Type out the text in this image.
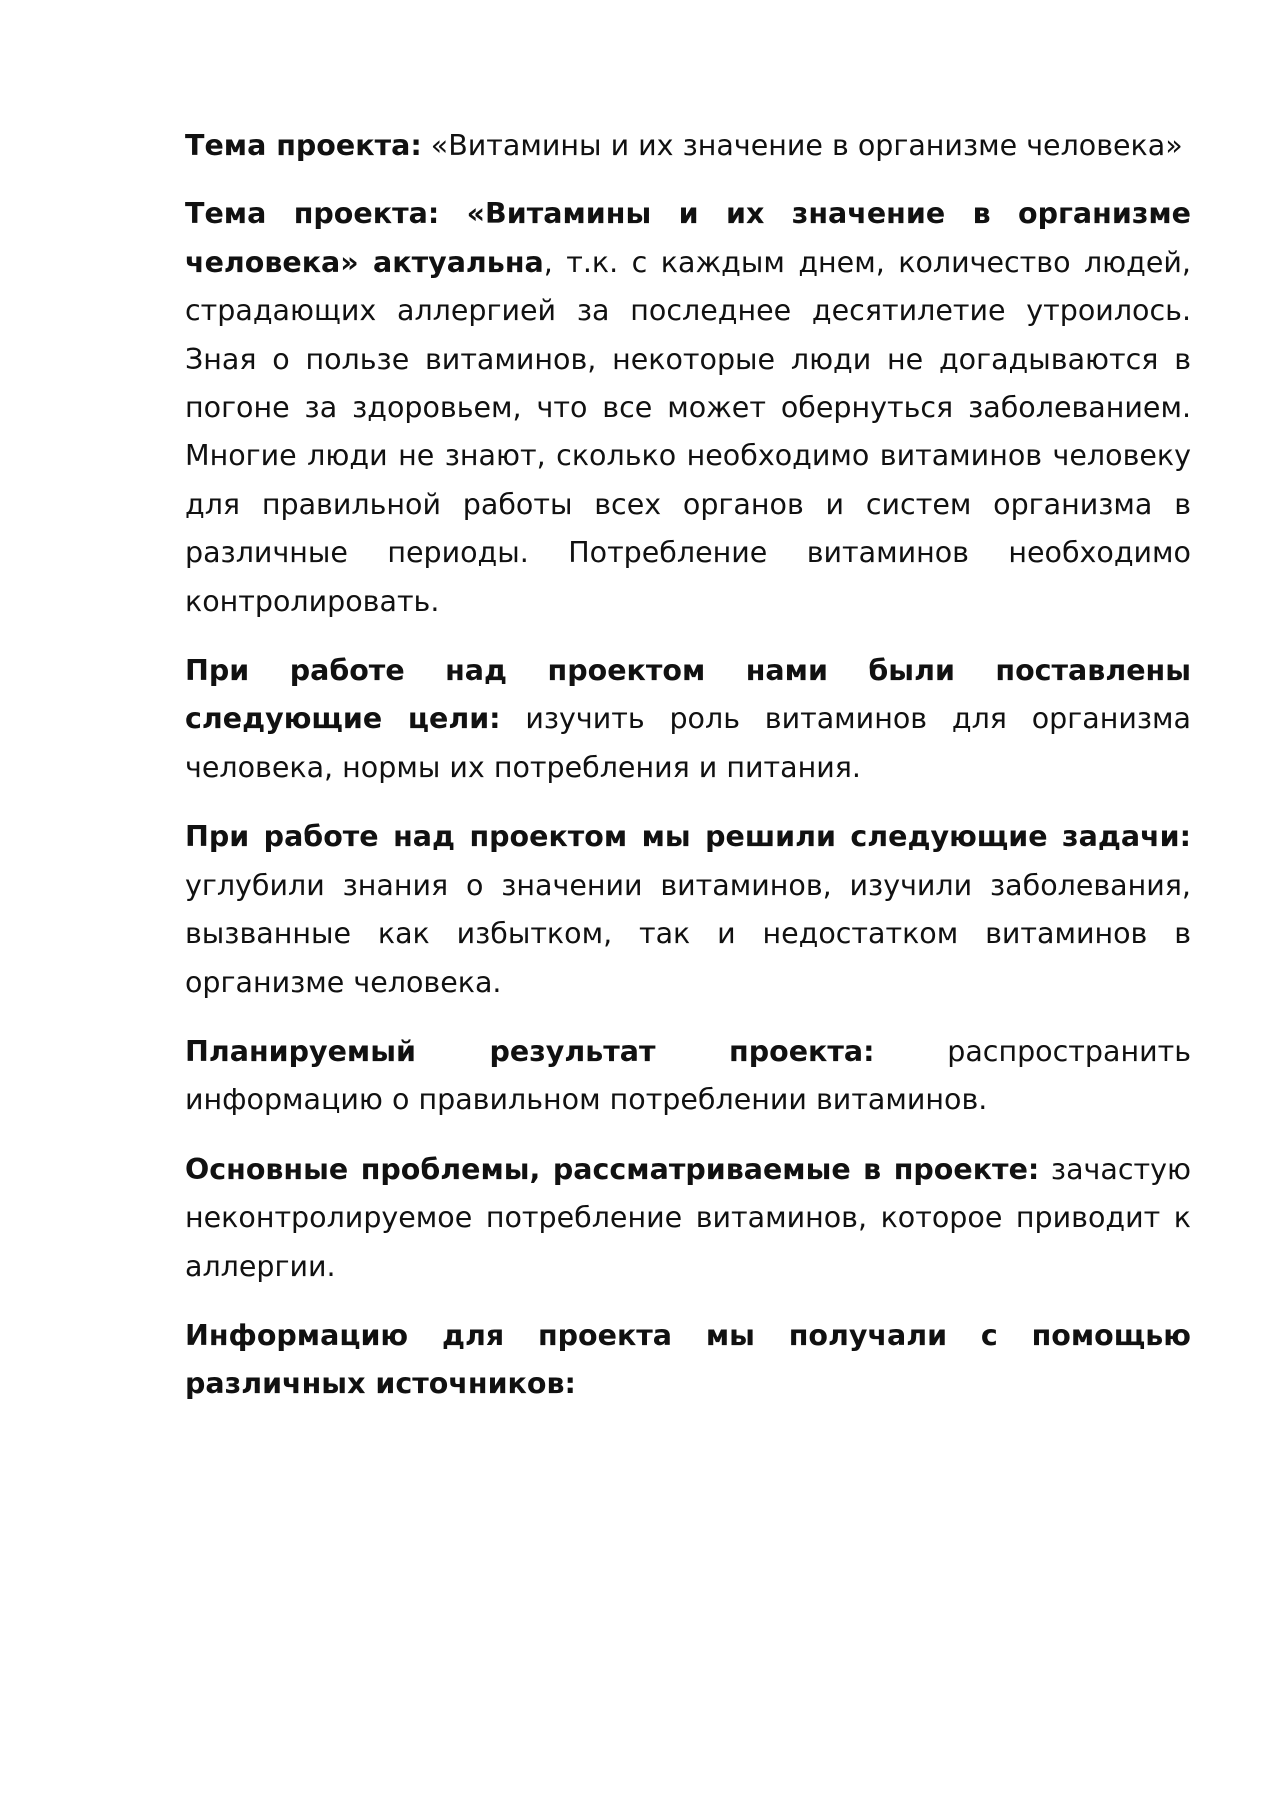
Тема проекта: «Витамины и их значение в организме человека»

Тема проекта: «Витамины и их значение в организме человека» актуальна, т.к. с каждым днем, количество людей, страдающих аллергией за последнее десятилетие утроилось. Зная о пользе витаминов, некоторые люди не догадываются в погоне за здоровьем, что все может обернуться заболеванием. Многие люди не знают, сколько необходимо витаминов человеку для правильной работы всех органов и систем организма в различные периоды. Потребление витаминов необходимо контролировать.

При работе над проектом нами были поставлены следующие цели: изучить роль витаминов для организма человека, нормы их потребления и питания.

При работе над проектом мы решили следующие задачи: углубили знания о значении витаминов, изучили заболевания, вызванные как избытком, так и недостатком витаминов в организме человека.

Планируемый результат проекта: распространить информацию о правильном потреблении витаминов.

Основные проблемы, рассматриваемые в проекте: зачастую неконтролируемое потребление витаминов, которое приводит к аллергии.

Информацию для проекта мы получали с помощью различных источников:
